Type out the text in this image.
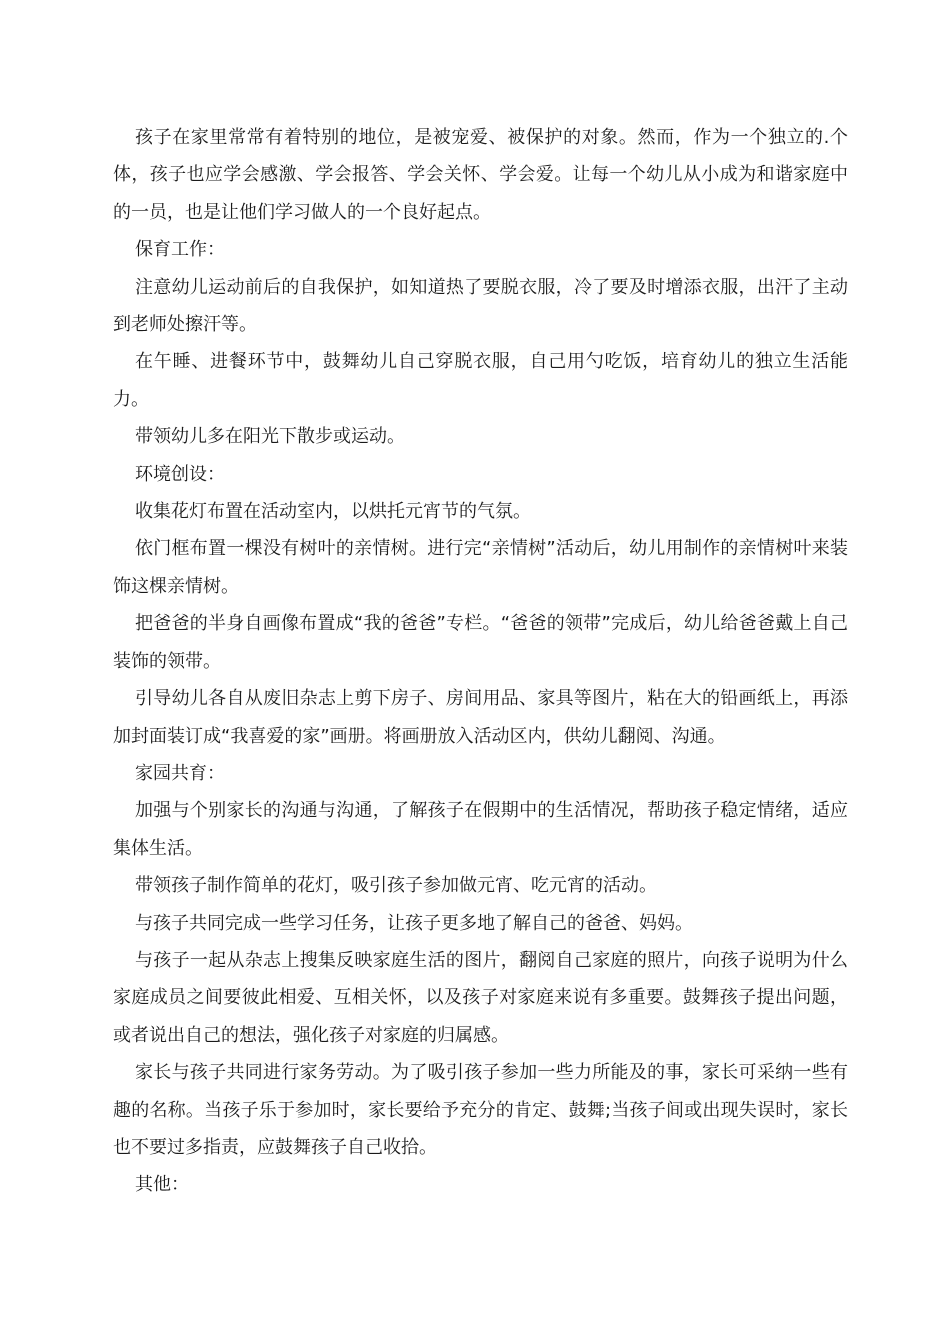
孩子在家里常常有着特别的地位，是被宠爱、被保护的对象。然而，作为一个独立的.个体，孩子也应学会感激、学会报答、学会关怀、学会爱。让每一个幼儿从小成为和谐家庭中的一员，也是让他们学习做人的一个良好起点。

保育工作：

注意幼儿运动前后的自我保护，如知道热了要脱衣服，冷了要及时增添衣服，出汗了主动到老师处擦汗等。

在午睡、进餐环节中，鼓舞幼儿自己穿脱衣服，自己用勺吃饭，培育幼儿的独立生活能力。

带领幼儿多在阳光下散步或运动。

环境创设：

收集花灯布置在活动室内，以烘托元宵节的气氛。

依门框布置一棵没有树叶的亲情树。进行完“亲情树”活动后，幼儿用制作的亲情树叶来装饰这棵亲情树。

把爸爸的半身自画像布置成“我的爸爸”专栏。“爸爸的领带”完成后，幼儿给爸爸戴上自己装饰的领带。

引导幼儿各自从废旧杂志上剪下房子、房间用品、家具等图片，粘在大的铅画纸上，再添加封面装订成“我喜爱的家”画册。将画册放入活动区内，供幼儿翻阅、沟通。

家园共育：

加强与个别家长的沟通与沟通，了解孩子在假期中的生活情况，帮助孩子稳定情绪，适应集体生活。

带领孩子制作简单的花灯，吸引孩子参加做元宵、吃元宵的活动。

与孩子共同完成一些学习任务，让孩子更多地了解自己的爸爸、妈妈。

与孩子一起从杂志上搜集反映家庭生活的图片，翻阅自己家庭的照片，向孩子说明为什么家庭成员之间要彼此相爱、互相关怀，以及孩子对家庭来说有多重要。鼓舞孩子提出问题，或者说出自己的想法，强化孩子对家庭的归属感。

家长与孩子共同进行家务劳动。为了吸引孩子参加一些力所能及的事，家长可采纳一些有趣的名称。当孩子乐于参加时，家长要给予充分的肯定、鼓舞;当孩子间或出现失误时，家长也不要过多指责，应鼓舞孩子自己收拾。

其他：
